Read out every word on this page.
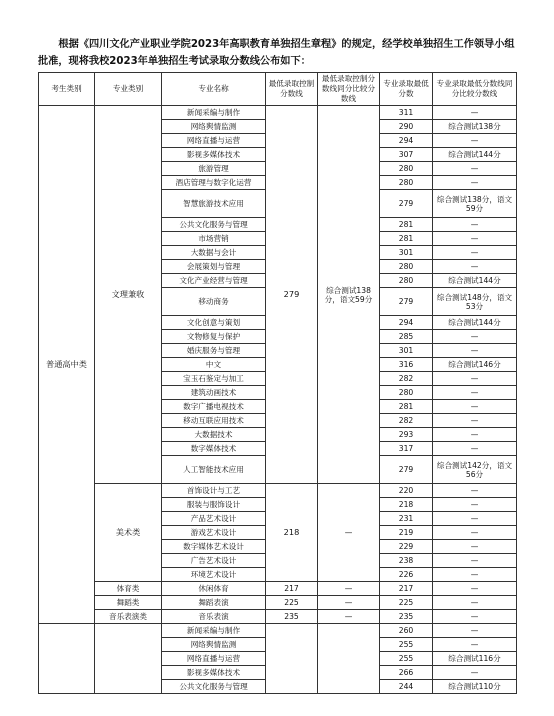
根据《四川文化产业职业学院2023年高职教育单独招生章程》的规定，经学校单独招生工作领导小组批准，现将我校2023年单独招生考试录取分数线公布如下：
考生类别	专业类别	专业名称	最低录取控制分数线	最低录取控制分数线同分比较分数线	专业录取最低分数	专业录取最低分数线同分比较分数线
普通高中类	文理兼收	新闻采编与制作	279	综合测试138分，语文59分	311	—
		网络舆情监测			290	综合测试138分
		网络直播与运营			294	—
		影视多媒体技术			307	综合测试144分
		旅游管理			280	—
		酒店管理与数字化运营			280	—
		智慧旅游技术应用			279	综合测试138分，语文59分
		公共文化服务与管理			281	—
		市场营销			281	—
		大数据与会计			301	—
		会展策划与管理			280	—
		文化产业经营与管理			280	综合测试144分
		移动商务			279	综合测试148分，语文53分
		文化创意与策划			294	综合测试144分
		文物修复与保护			285	—
		婚庆服务与管理			301	—
		中文			316	综合测试146分
		宝玉石鉴定与加工			282	—
		建筑动画技术			280	—
		数字广播电视技术			281	—
		移动互联应用技术			282	—
		大数据技术			293	—
		数字媒体技术			317	—
		人工智能技术应用			279	综合测试142分，语文56分
	美术类	首饰设计与工艺	218	—	220	—
		服装与服饰设计			218	—
		产品艺术设计			231	—
		游戏艺术设计			219	—
		数字媒体艺术设计			229	—
		广告艺术设计			238	—
		环境艺术设计			226	—
	体育类	休闲体育	217	—	217	—
	舞蹈类	舞蹈表演	225	—	225	—
	音乐表演类	音乐表演	235	—	235	—
		新闻采编与制作			260	—
		网络舆情监测			255	—
		网络直播与运营			255	综合测试116分
		影视多媒体技术			266	—
		公共文化服务与管理			244	综合测试110分
